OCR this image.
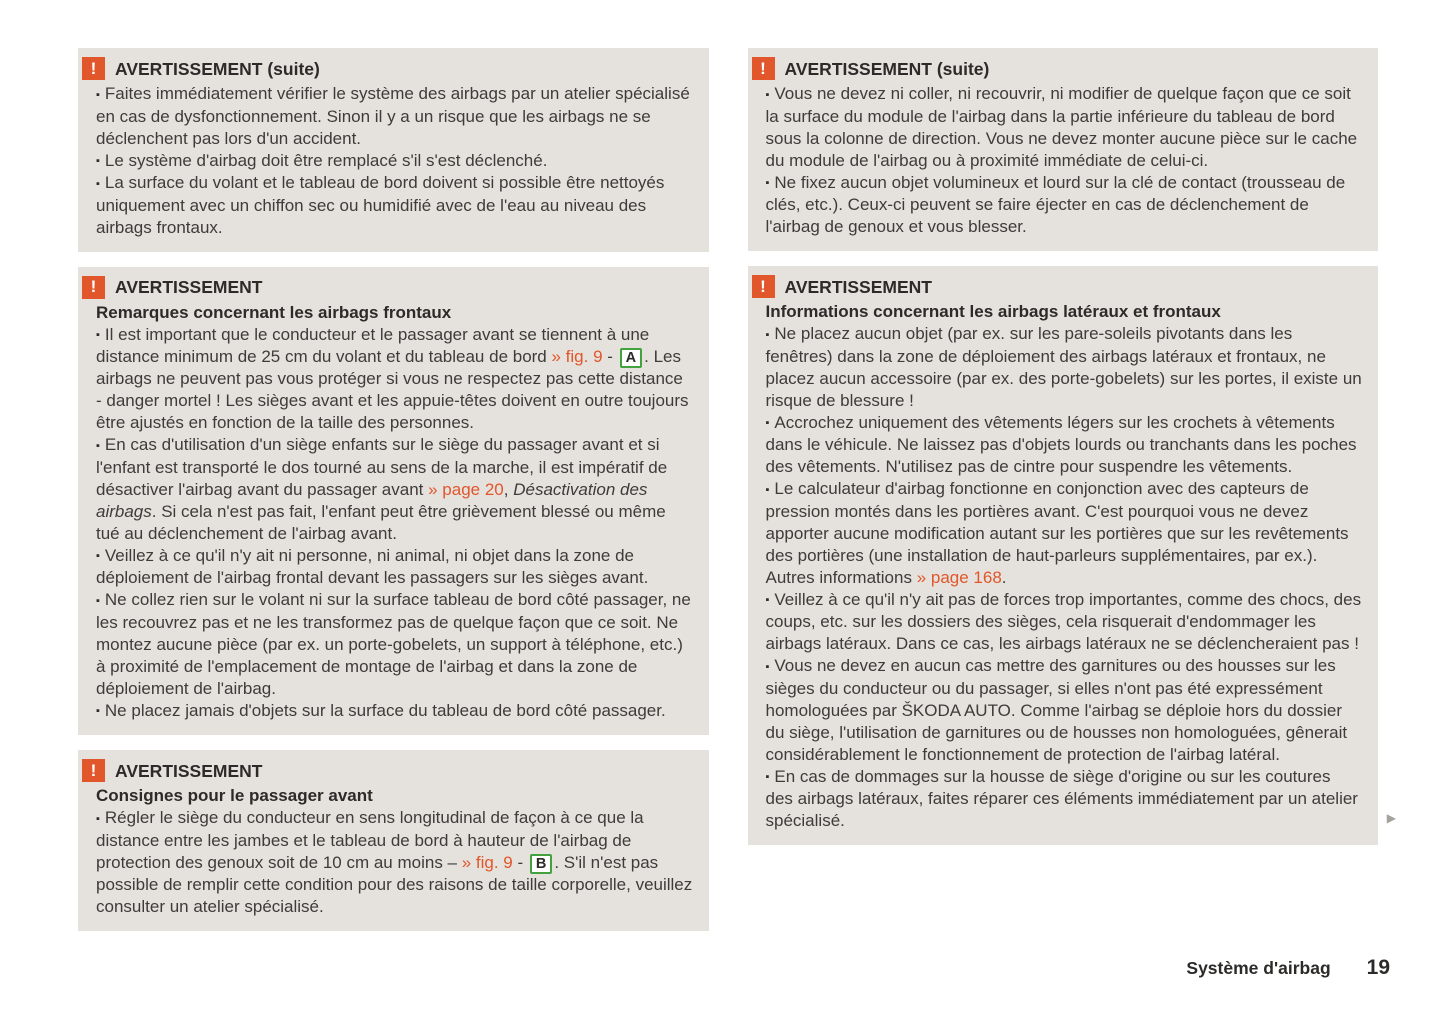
!	AVERTISSEMENT (suite)

▪ Faites immédiatement vérifier le système des airbags par un atelier spécialisé en cas de dysfonctionnement. Sinon il y a un risque que les airbags ne se déclenchent pas lors d'un accident.

▪ Le système d'airbag doit être remplacé s'il s'est déclenché.

▪ La surface du volant et le tableau de bord doivent si possible être nettoyés uniquement avec un chiffon sec ou humidifié avec de l'eau au niveau des airbags frontaux.

!	AVERTISSEMENT
Remarques concernant les airbags frontaux

▪ Il est important que le conducteur et le passager avant se tiennent à une distance minimum de 25 cm du volant et du tableau de bord » fig. 9 - A . Les airbags ne peuvent pas vous protéger si vous ne respectez pas cette distance - danger mortel ! Les sièges avant et les appuie-têtes doivent en outre toujours être ajustés en fonction de la taille des personnes.

▪ En cas d'utilisation d'un siège enfants sur le siège du passager avant et si l'enfant est transporté le dos tourné au sens de la marche, il est impératif de désactiver l'airbag avant du passager avant » page 20, Désactivation des airbags. Si cela n'est pas fait, l'enfant peut être grièvement blessé ou même tué au déclenchement de l'airbag avant.

▪ Veillez à ce qu'il n'y ait ni personne, ni animal, ni objet dans la zone de déploiement de l'airbag frontal devant les passagers sur les sièges avant.

▪ Ne collez rien sur le volant ni sur la surface tableau de bord côté passager, ne les recouvrez pas et ne les transformez pas de quelque façon que ce soit. Ne montez aucune pièce (par ex. un porte-gobelets, un support à téléphone, etc.) à proximité de l'emplacement de montage de l'airbag et dans la zone de déploiement de l'airbag.

▪ Ne placez jamais d'objets sur la surface du tableau de bord côté passager.

!	AVERTISSEMENT
Consignes pour le passager avant

▪ Régler le siège du conducteur en sens longitudinal de façon à ce que la distance entre les jambes et le tableau de bord à hauteur de l'airbag de protection des genoux soit de 10 cm au moins – » fig. 9 - B . S'il n'est pas possible de remplir cette condition pour des raisons de taille corporelle, veuillez consulter un atelier spécialisé.

!	AVERTISSEMENT (suite)

▪ Vous ne devez ni coller, ni recouvrir, ni modifier de quelque façon que ce soit la surface du module de l'airbag dans la partie inférieure du tableau de bord sous la colonne de direction. Vous ne devez monter aucune pièce sur le cache du module de l'airbag ou à proximité immédiate de celui-ci.

▪ Ne fixez aucun objet volumineux et lourd sur la clé de contact (trousseau de clés, etc.). Ceux-ci peuvent se faire éjecter en cas de déclenchement de l'airbag de genoux et vous blesser.

!	AVERTISSEMENT
Informations concernant les airbags latéraux et frontaux

▪ Ne placez aucun objet (par ex. sur les pare-soleils pivotants dans les fenêtres) dans la zone de déploiement des airbags latéraux et frontaux, ne placez aucun accessoire (par ex. des porte-gobelets) sur les portes, il existe un risque de blessure !

▪ Accrochez uniquement des vêtements légers sur les crochets à vêtements dans le véhicule. Ne laissez pas d'objets lourds ou tranchants dans les poches des vêtements. N'utilisez pas de cintre pour suspendre les vêtements.

▪ Le calculateur d'airbag fonctionne en conjonction avec des capteurs de pression montés dans les portières avant. C'est pourquoi vous ne devez apporter aucune modification autant sur les portières que sur les revêtements des portières (une installation de haut-parleurs supplémentaires, par ex.). Autres informations » page 168.

▪ Veillez à ce qu'il n'y ait pas de forces trop importantes, comme des chocs, des coups, etc. sur les dossiers des sièges, cela risquerait d'endommager les airbags latéraux. Dans ce cas, les airbags latéraux ne se déclencheraient pas !

▪ Vous ne devez en aucun cas mettre des garnitures ou des housses sur les sièges du conducteur ou du passager, si elles n'ont pas été expressément homologuées par ŠKODA AUTO. Comme l'airbag se déploie hors du dossier du siège, l'utilisation de garnitures ou de housses non homologuées, gênerait considérablement le fonctionnement de protection de l'airbag latéral.

▪ En cas de dommages sur la housse de siège d'origine ou sur les coutures des airbags latéraux, faites réparer ces éléments immédiatement par un atelier spécialisé.	▶
Système d'airbag 19
